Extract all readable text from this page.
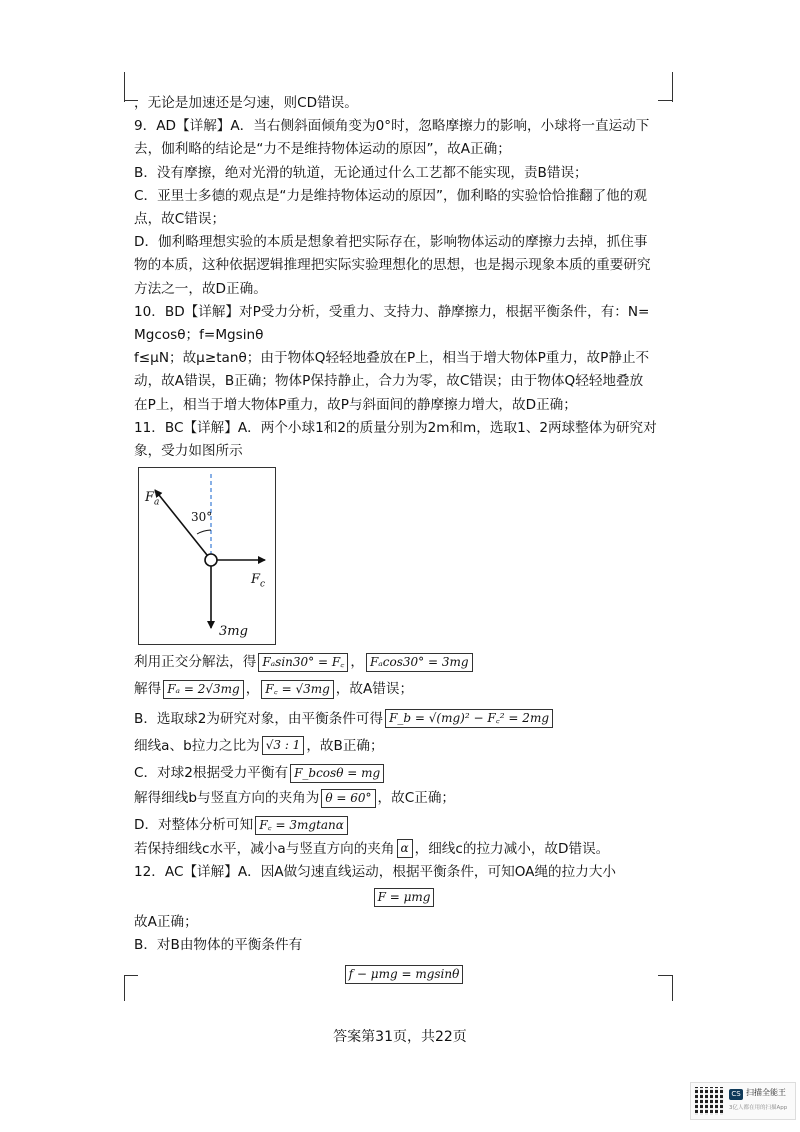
，无论是加速还是匀速，则CD错误。
9．AD【详解】A．当右侧斜面倾角变为0°时，忽略摩擦力的影响，小球将一直运动下
去，伽利略的结论是“力不是维持物体运动的原因”，故A正确；
B．没有摩擦，绝对光滑的轨道，无论通过什么工艺都不能实现，责B错误；
C．亚里士多德的观点是“力是维持物体运动的原因”，伽利略的实验恰恰推翻了他的观
点，故C错误；
D．伽利略理想实验的本质是想象着把实际存在，影响物体运动的摩擦力去掉，抓住事
物的本质，这种依据逻辑推理把实际实验理想化的思想，也是揭示现象本质的重要研究
方法之一，故D正确。
10．BD【详解】对P受力分析，受重力、支持力、静摩擦力，根据平衡条件，有：N=
Mgcosθ；f=Mgsinθ
f≤μN；故μ≥tanθ；由于物体Q轻轻地叠放在P上，相当于增大物体P重力，故P静止不
动，故A错误，B正确；物体P保持静止，合力为零，故C错误；由于物体Q轻轻地叠放
在P上，相当于增大物体P重力，故P与斜面间的静摩擦力增大，故D正确；
11．BC【详解】A．两个小球1和2的质量分别为2m和m，选取1、2两球整体为研究对
象，受力如图所示
$F_a$
30°
$F_c$
3mg
利用正交分解法，得 Fₐsin30° = F꜀ ， Fₐcos30° = 3mg
解得 Fₐ = 2√3mg ， F꜀ = √3mg ，故A错误；
B．选取球2为研究对象，由平衡条件可得 F_b = √(mg)² − F꜀² = 2mg
细线a、b拉力之比为 √3 : 1 ，故B正确；
C．对球2根据受力平衡有 F_bcosθ = mg
解得细线b与竖直方向的夹角为 θ = 60° ，故C正确；
D．对整体分析可知 F꜀ = 3mgtanα
若保持细线c水平，减小a与竖直方向的夹角 α ，细线c的拉力减小，故D错误。
12．AC【详解】A．因A做匀速直线运动，根据平衡条件，可知OA绳的拉力大小
F = μmg
故A正确；
B．对B由物体的平衡条件有
f − μmg = mgsinθ
答案第31页，共22页
CS 扫描全能王
3亿人都在用的扫描App
